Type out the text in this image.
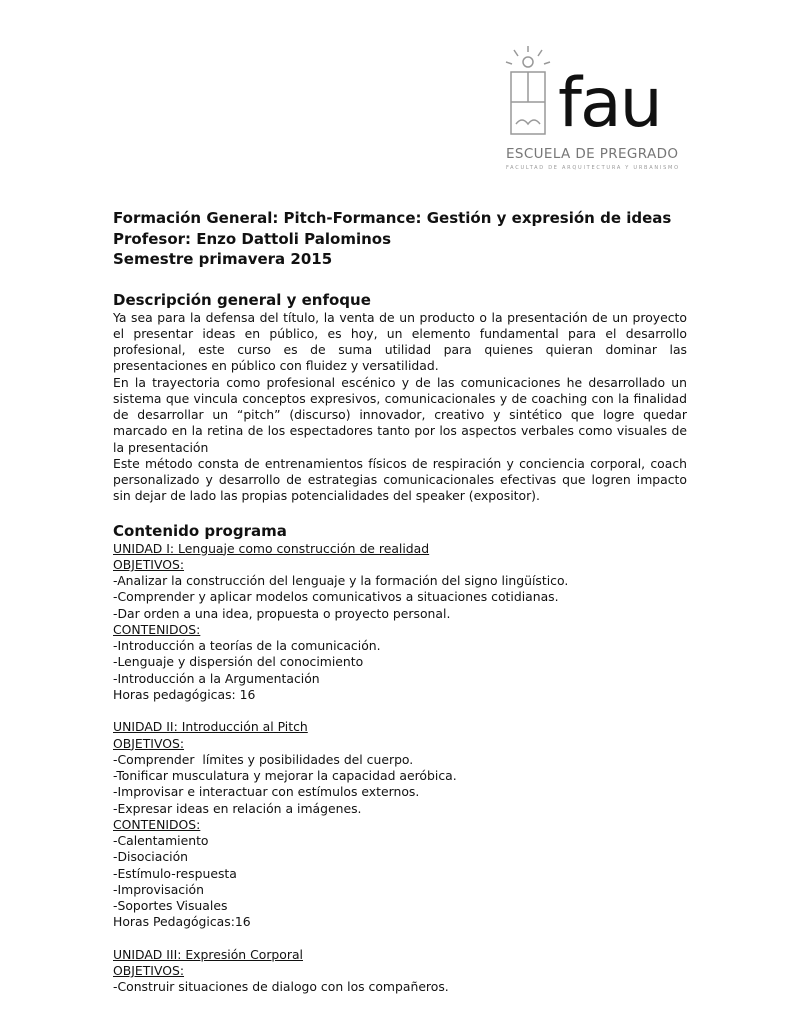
fau
ESCUELA DE PREGRADO
FACULTAD DE ARQUITECTURA Y URBANISMO
Formación General: Pitch-Formance: Gestión y expresión de ideas
Profesor: Enzo Dattoli Palominos
Semestre primavera 2015
Descripción general y enfoque

Ya sea para la defensa del título, la venta de un producto o la presentación de un proyecto el presentar ideas en público, es hoy, un elemento fundamental para el desarrollo profesional, este curso es de suma utilidad para quienes quieran dominar las presentaciones en público con fluidez y versatilidad.

En la trayectoria como profesional escénico y de las comunicaciones he desarrollado un sistema que vincula conceptos expresivos, comunicacionales y de coaching con la finalidad de desarrollar un “pitch” (discurso) innovador, creativo y sintético que logre quedar marcado en la retina de los espectadores tanto por los aspectos verbales como visuales de la presentación

Este método consta de entrenamientos físicos de respiración y conciencia corporal, coach personalizado y desarrollo de estrategias comunicacionales efectivas que logren impacto sin dejar de lado las propias potencialidades del speaker (expositor).

Contenido programa
UNIDAD I: Lenguaje como construcción de realidad
OBJETIVOS:
-Analizar la construcción del lenguaje y la formación del signo lingüístico.
-Comprender y aplicar modelos comunicativos a situaciones cotidianas.
-Dar orden a una idea, propuesta o proyecto personal.
CONTENIDOS:
-Introducción a teorías de la comunicación.
-Lenguaje y dispersión del conocimiento
-Introducción a la Argumentación
Horas pedagógicas: 16
UNIDAD II: Introducción al Pitch
OBJETIVOS:
-Comprender  límites y posibilidades del cuerpo.
-Tonificar musculatura y mejorar la capacidad aeróbica.
-Improvisar e interactuar con estímulos externos.
-Expresar ideas en relación a imágenes.
CONTENIDOS:
-Calentamiento
-Disociación
-Estímulo-respuesta
-Improvisación
-Soportes Visuales
Horas Pedagógicas:16
UNIDAD III: Expresión Corporal
OBJETIVOS:
-Construir situaciones de dialogo con los compañeros.
